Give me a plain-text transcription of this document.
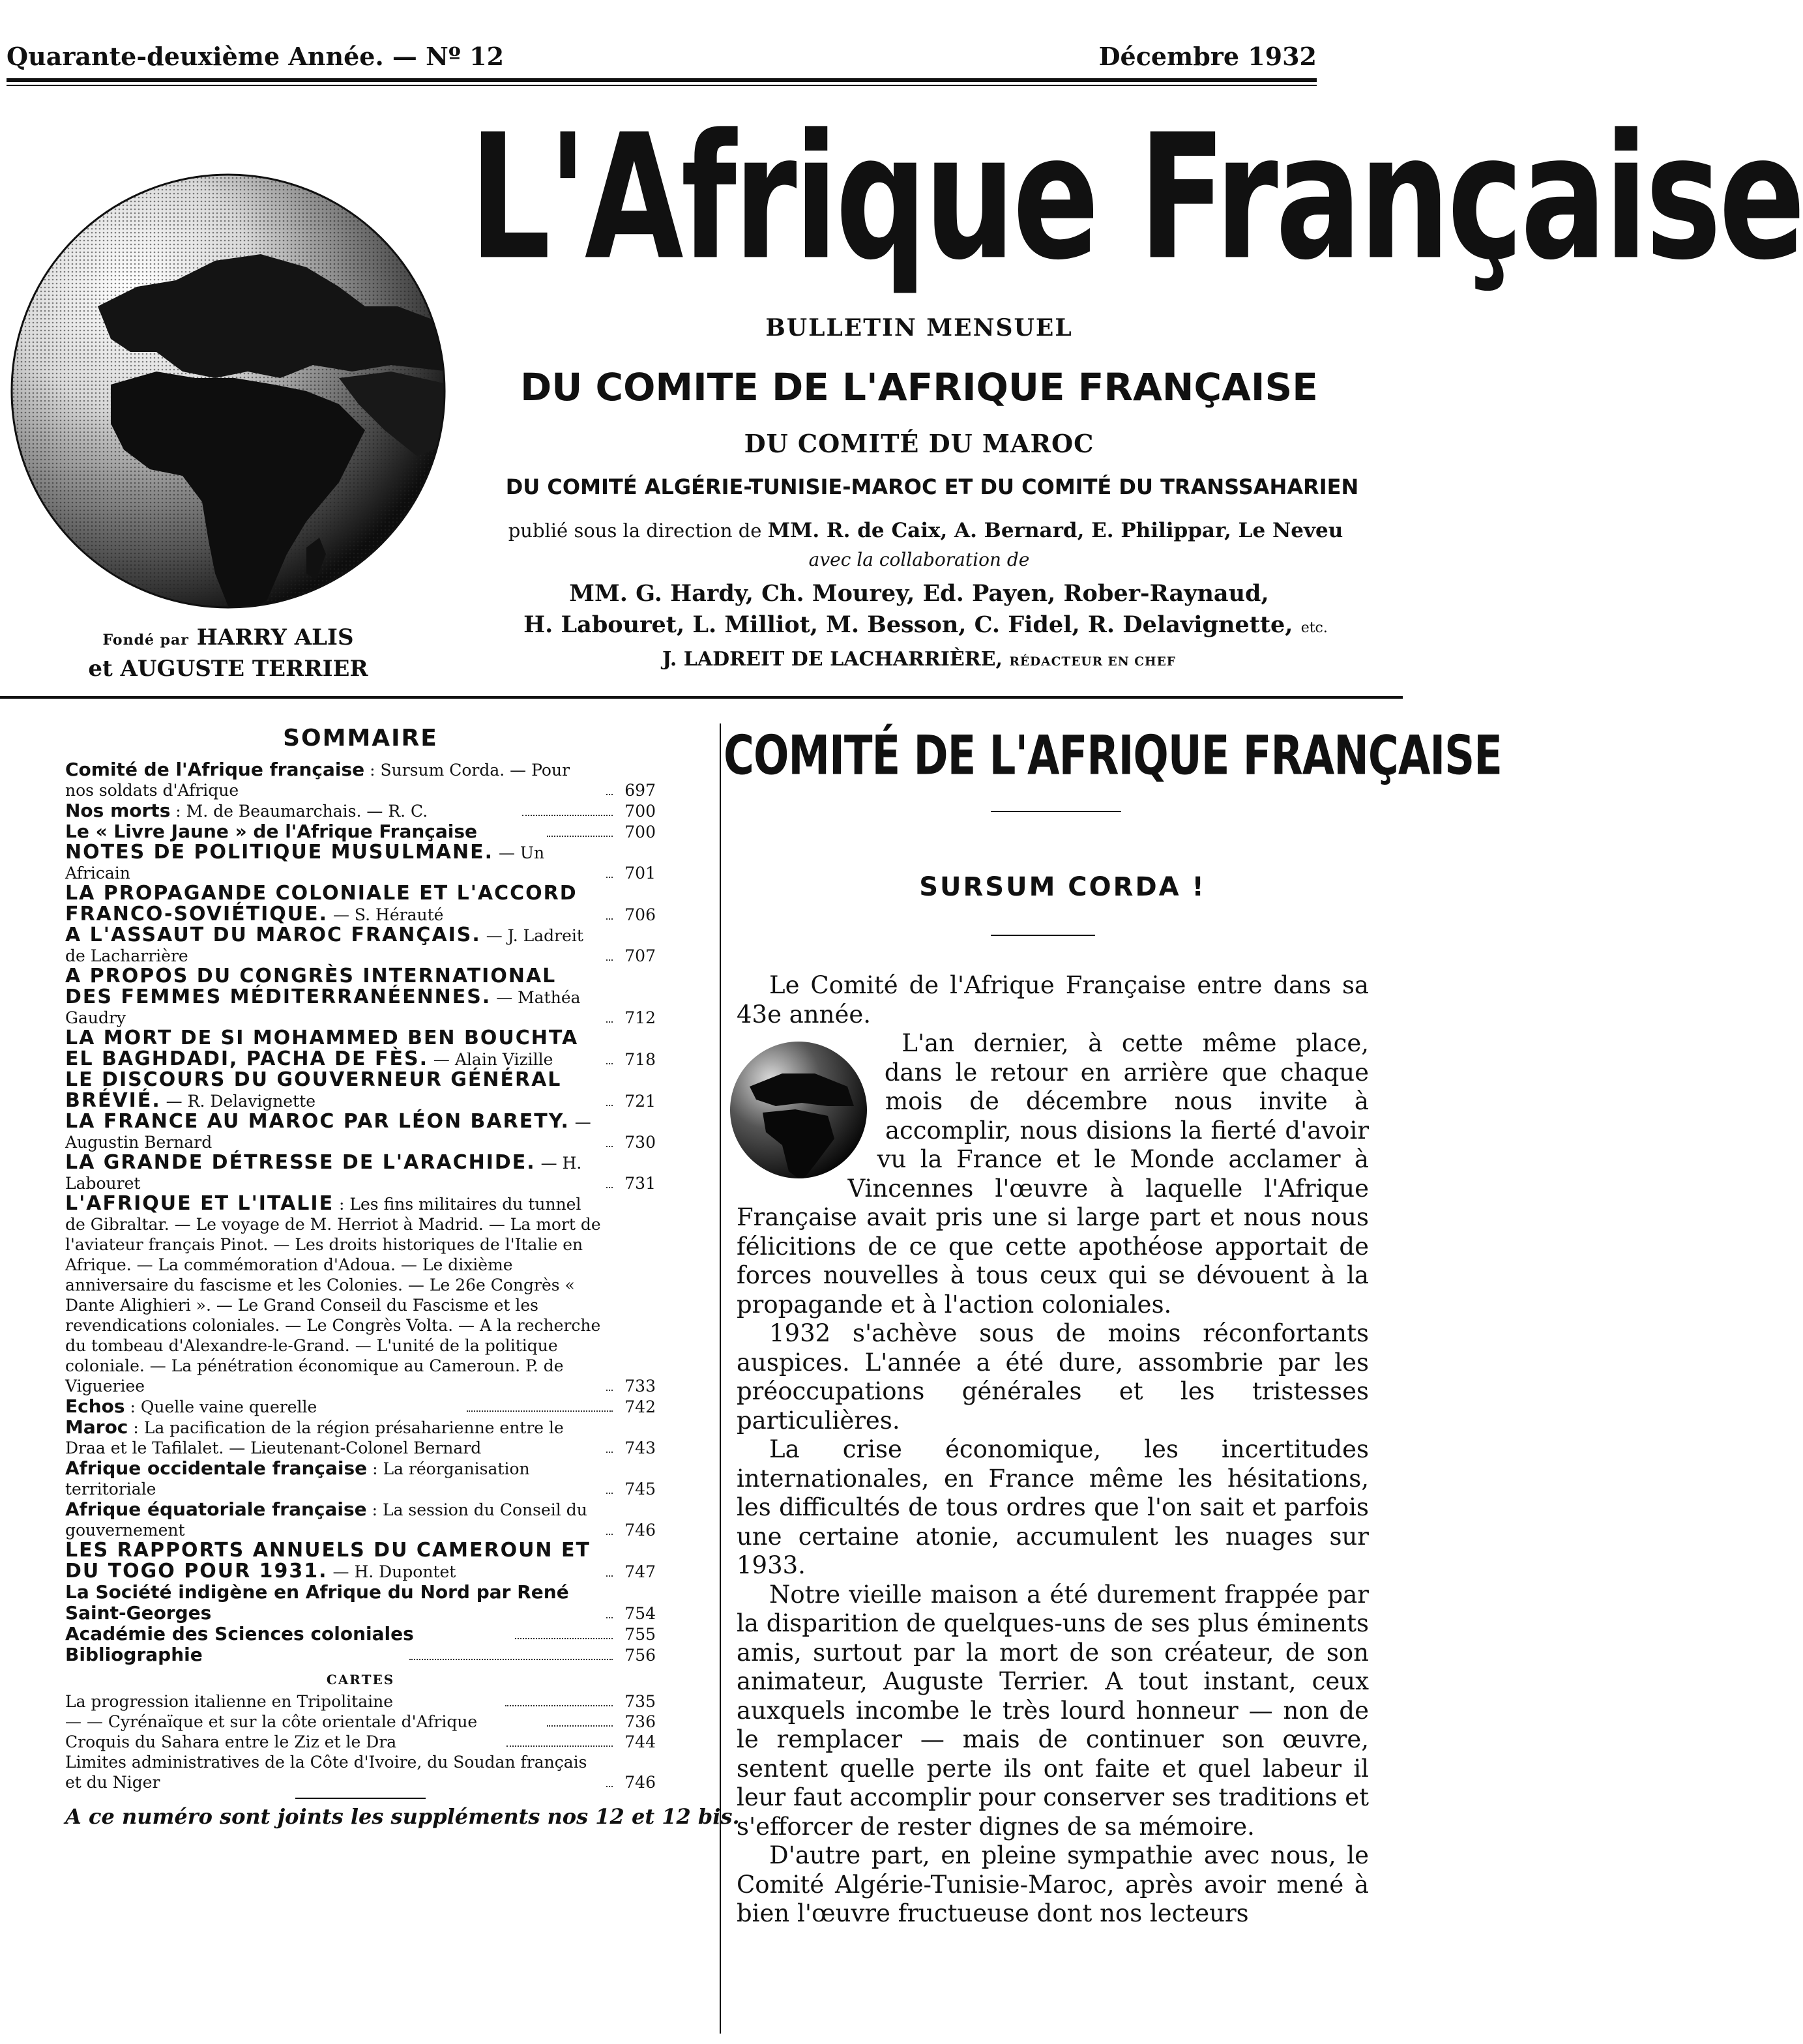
Quarante-deuxième Année. — Nº 12	Décembre 1932
L'Afrique Française
BULLETIN MENSUEL
DU COMITE DE L'AFRIQUE FRANÇAISE
DU COMITÉ DU MAROC
DU COMITÉ ALGÉRIE-TUNISIE-MAROC ET DU COMITÉ DU TRANSSAHARIEN
publié sous la direction de MM. R. de Caix, A. Bernard, E. Philippar, Le Neveu
avec la collaboration de
MM. G. Hardy, Ch. Mourey, Ed. Payen, Rober-Raynaud,
H. Labouret, L. Milliot, M. Besson, C. Fidel, R. Delavignette, etc.
J. LADREIT DE LACHARRIÈRE, RÉDACTEUR EN CHEF
Fondé par HARRY ALIS
et AUGUSTE TERRIER
SOMMAIRE
Comité de l'Afrique française : Sursum Corda. — Pour nos soldats d'Afrique	697
Nos morts : M. de Beaumarchais. — R. C.	700
Le « Livre Jaune » de l'Afrique Française	700
NOTES DE POLITIQUE MUSULMANE. — Un Africain	701
LA PROPAGANDE COLONIALE ET L'ACCORD FRANCO-SOVIÉTIQUE. — S. Hérauté	706
A L'ASSAUT DU MAROC FRANÇAIS. — J. Ladreit de Lacharrière	707
A PROPOS DU CONGRÈS INTERNATIONAL DES FEMMES MÉDITERRANÉENNES. — Mathéa Gaudry	712
LA MORT DE SI MOHAMMED BEN BOUCHTA EL BAGHDADI, PACHA DE FÈS. — Alain Vizille	718
LE DISCOURS DU GOUVERNEUR GÉNÉRAL BRÉVIÉ. — R. Delavignette	721
LA FRANCE AU MAROC PAR LÉON BARETY. — Augustin Bernard	730
LA GRANDE DÉTRESSE DE L'ARACHIDE. — H. Labouret	731
L'AFRIQUE ET L'ITALIE : Les fins militaires du tunnel de Gibraltar. — Le voyage de M. Herriot à Madrid. — La mort de l'aviateur français Pinot. — Les droits historiques de l'Italie en Afrique. — La commémoration d'Adoua. — Le dixième anniversaire du fascisme et les Colonies. — Le 26e Congrès « Dante Alighieri ». — Le Grand Conseil du Fascisme et les revendications coloniales. — Le Congrès Volta. — A la recherche du tombeau d'Alexandre-le-Grand. — L'unité de la politique coloniale. — La pénétration économique au Cameroun. P. de Vigueriee	733
Echos : Quelle vaine querelle	742
Maroc : La pacification de la région présaharienne entre le Draa et le Tafilalet. — Lieutenant-Colonel Bernard	743
Afrique occidentale française : La réorganisation territoriale	745
Afrique équatoriale française : La session du Conseil du gouvernement	746
LES RAPPORTS ANNUELS DU CAMEROUN ET DU TOGO POUR 1931. — H. Dupontet	747
La Société indigène en Afrique du Nord par René Saint-Georges	754
Académie des Sciences coloniales	755
Bibliographie	756
CARTES
La progression italienne en Tripolitaine	735
— — Cyrénaïque et sur la côte orientale d'Afrique	736
Croquis du Sahara entre le Ziz et le Dra	744
Limites administratives de la Côte d'Ivoire, du Soudan français et du Niger	746
A ce numéro sont joints les suppléments nos 12 et 12 bis.
COMITÉ DE L'AFRIQUE FRANÇAISE
SURSUM CORDA !

Le Comité de l'Afrique Française entre dans sa 43e année.

L'an dernier, à cette même place, dans le retour en arrière que chaque mois de décembre nous invite à accomplir, nous disions la fierté d'avoir vu la France et le Monde acclamer à Vincennes l'œuvre à laquelle l'Afrique Française avait pris une si large part et nous nous félicitions de ce que cette apothéose apportait de forces nouvelles à tous ceux qui se dévouent à la propagande et à l'action coloniales.

1932 s'achève sous de moins réconfortants auspices. L'année a été dure, assombrie par les préoccupations générales et les tristesses particulières.

La crise économique, les incertitudes internationales, en France même les hésitations, les difficultés de tous ordres que l'on sait et parfois une certaine atonie, accumulent les nuages sur 1933.

Notre vieille maison a été durement frappée par la disparition de quelques-uns de ses plus éminents amis, surtout par la mort de son créateur, de son animateur, Auguste Terrier. A tout instant, ceux auxquels incombe le très lourd honneur — non de le remplacer — mais de continuer son œuvre, sentent quelle perte ils ont faite et quel labeur il leur faut accomplir pour conserver ses traditions et s'efforcer de rester dignes de sa mémoire.

D'autre part, en pleine sympathie avec nous, le Comité Algérie-Tunisie-Maroc, après avoir mené à bien l'œuvre fructueuse dont nos lecteurs
